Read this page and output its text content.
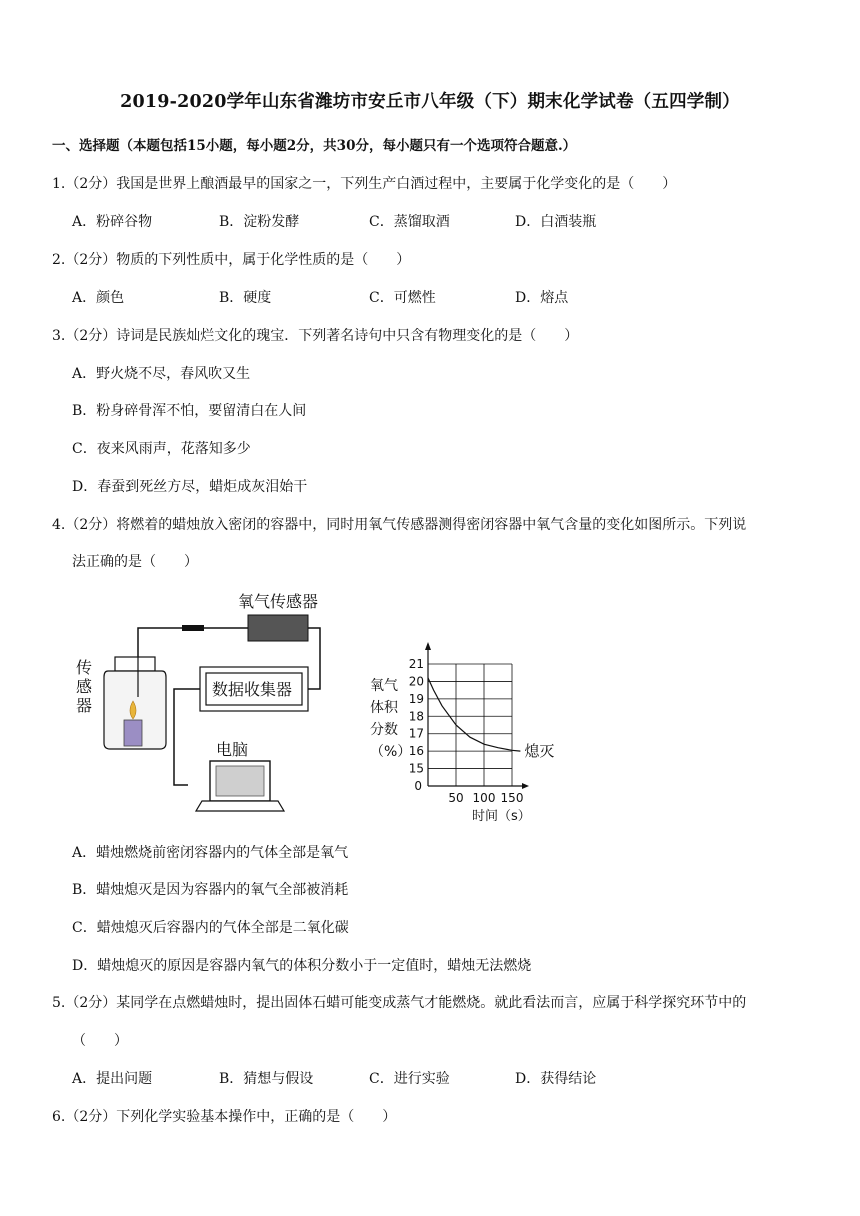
2019-2020学年山东省潍坊市安丘市八年级（下）期末化学试卷（五四学制）
一、选择题（本题包括15小题，每小题2分，共30分，每小题只有一个选项符合题意.）
1.（2分）我国是世界上酿酒最早的国家之一，下列生产白酒过程中，主要属于化学变化的是（　　）
A．粉碎谷物	B．淀粉发酵	C．蒸馏取酒	D．白酒装瓶
2.（2分）物质的下列性质中，属于化学性质的是（　　）
A．颜色	B．硬度	C．可燃性	D．熔点
3.（2分）诗词是民族灿烂文化的瑰宝．下列著名诗句中只含有物理变化的是（　　）
A．野火烧不尽，春风吹又生
B．粉身碎骨浑不怕，要留清白在人间
C．夜来风雨声，花落知多少
D．春蚕到死丝方尽，蜡炬成灰泪始干
4.（2分）将燃着的蜡烛放入密闭的容器中，同时用氧气传感器测得密闭容器中氧气含量的变化如图所示。下列说
法正确的是（　　）
氧气传感器
传
感
器
数据收集器
电脑
氧气
体积
分数
（%）
15
16
17
18
19
20
21
0
50 100 150
熄灭
时间（s）
A．蜡烛燃烧前密闭容器内的气体全部是氧气
B．蜡烛熄灭是因为容器内的氧气全部被消耗
C．蜡烛熄灭后容器内的气体全部是二氧化碳
D．蜡烛熄灭的原因是容器内氧气的体积分数小于一定值时，蜡烛无法燃烧
5.（2分）某同学在点燃蜡烛时，提出固体石蜡可能变成蒸气才能燃烧。就此看法而言，应属于科学探究环节中的
（　　）
A．提出问题	B．猜想与假设	C．进行实验	D．获得结论
6.（2分）下列化学实验基本操作中，正确的是（　　）
